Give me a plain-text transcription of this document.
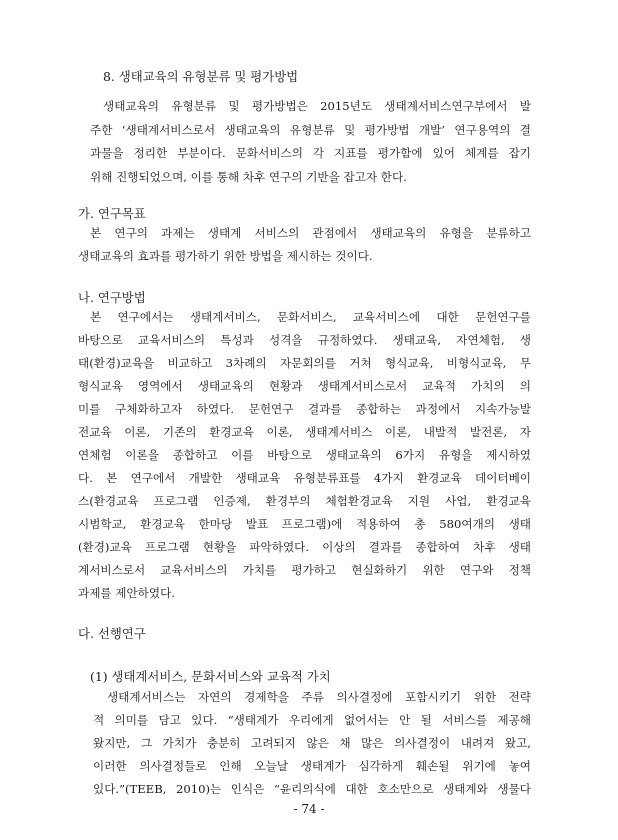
8. 생태교육의 유형분류 및 평가방법
생태교육의 유형분류 및 평가방법은 2015년도 생태계서비스연구부에서 발
주한 ‘생태계서비스로서 생태교육의 유형분류 및 평가방법 개발’ 연구용역의 결
과물을 정리한 부분이다. 문화서비스의 각 지표를 평가함에 있어 체계를 잡기
위해 진행되었으며, 이를 통해 차후 연구의 기반을 잡고자 한다.
가. 연구목표
본 연구의 과제는 생태계 서비스의 관점에서 생태교육의 유형을 분류하고
생태교육의 효과를 평가하기 위한 방법을 제시하는 것이다.
나. 연구방법
본 연구에서는 생태계서비스, 문화서비스, 교육서비스에 대한 문헌연구를
바탕으로 교육서비스의 특성과 성격을 규정하였다. 생태교육, 자연체험, 생
태(환경)교육을 비교하고 3차례의 자문회의를 거쳐 형식교육, 비형식교육, 무
형식교육 영역에서 생태교육의 현황과 생태계서비스로서 교육적 가치의 의
미를 구체화하고자 하였다. 문헌연구 결과를 종합하는 과정에서 지속가능발
전교육 이론, 기존의 환경교육 이론, 생태계서비스 이론, 내발적 발전론, 자
연체험 이론을 종합하고 이를 바탕으로 생태교육의 6가지 유형을 제시하였
다. 본 연구에서 개발한 생태교육 유형분류표를 4가지 환경교육 데이터베이
스(환경교육 프로그램 인증제, 환경부의 체험환경교육 지원 사업, 환경교육
시범학교, 환경교육 한마당 발표 프로그램)에 적용하여 총 580여개의 생태
(환경)교육 프로그램 현황을 파악하였다. 이상의 결과를 종합하여 차후 생태
계서비스로서 교육서비스의 가치를 평가하고 현실화하기 위한 연구와 정책
과제를 제안하였다.
다. 선행연구
(1) 생태계서비스, 문화서비스와 교육적 가치
생태계서비스는 자연의 경제학을 주류 의사결정에 포함시키기 위한 전략
적 의미를 담고 있다. “생태계가 우리에게 없어서는 안 될 서비스를 제공해
왔지만, 그 가치가 충분히 고려되지 않은 채 많은 의사결정이 내려져 왔고,
이러한 의사결정들로 인해 오늘날 생태계가 심각하게 훼손될 위기에 놓여
있다.”(TEEB, 2010)는 인식은 “윤리의식에 대한 호소만으로 생태계와 생물다
- 74 -
